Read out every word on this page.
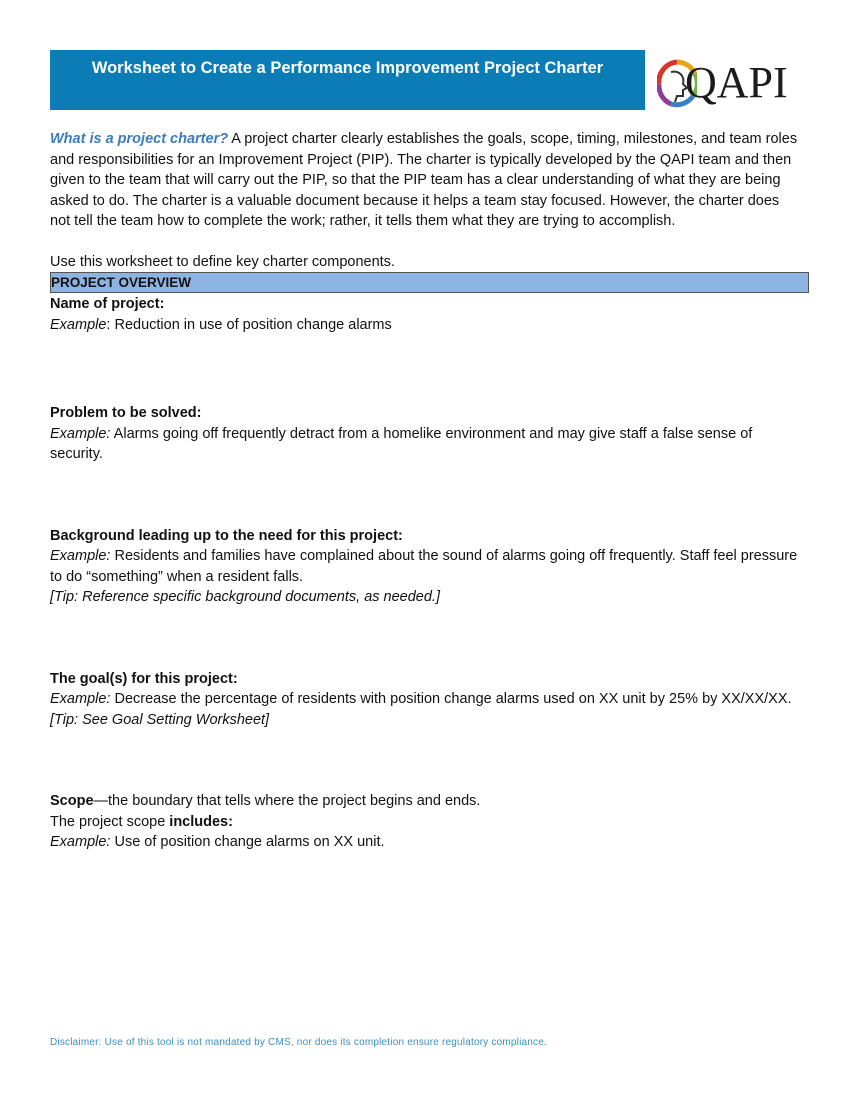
Worksheet to Create a Performance Improvement Project Charter	QAPI

What is a project charter? A project charter clearly establishes the goals, scope, timing, milestones, and team roles and responsibilities for an Improvement Project (PIP). The charter is typically developed by the QAPI team and then given to the team that will carry out the PIP, so that the PIP team has a clear understanding of what they are being asked to do. The charter is a valuable document because it helps a team stay focused. However, the charter does not tell the team how to complete the work; rather, it tells them what they are trying to accomplish.

Use this worksheet to define key charter components.

PROJECT OVERVIEW
Name of project:
Example: Reduction in use of position change alarms
Problem to be solved:
Example: Alarms going off frequently detract from a homelike environment and may give staff a false sense of security.
Background leading up to the need for this project:
Example: Residents and families have complained about the sound of alarms going off frequently. Staff feel pressure to do “something” when a resident falls.
[Tip: Reference specific background documents, as needed.]
The goal(s) for this project:
Example: Decrease the percentage of residents with position change alarms used on XX unit by 25% by XX/XX/XX.
[Tip: See Goal Setting Worksheet]
Scope—the boundary that tells where the project begins and ends.
The project scope includes:
Example: Use of position change alarms on XX unit.
Disclaimer: Use of this tool is not mandated by CMS, nor does its completion ensure regulatory compliance.
